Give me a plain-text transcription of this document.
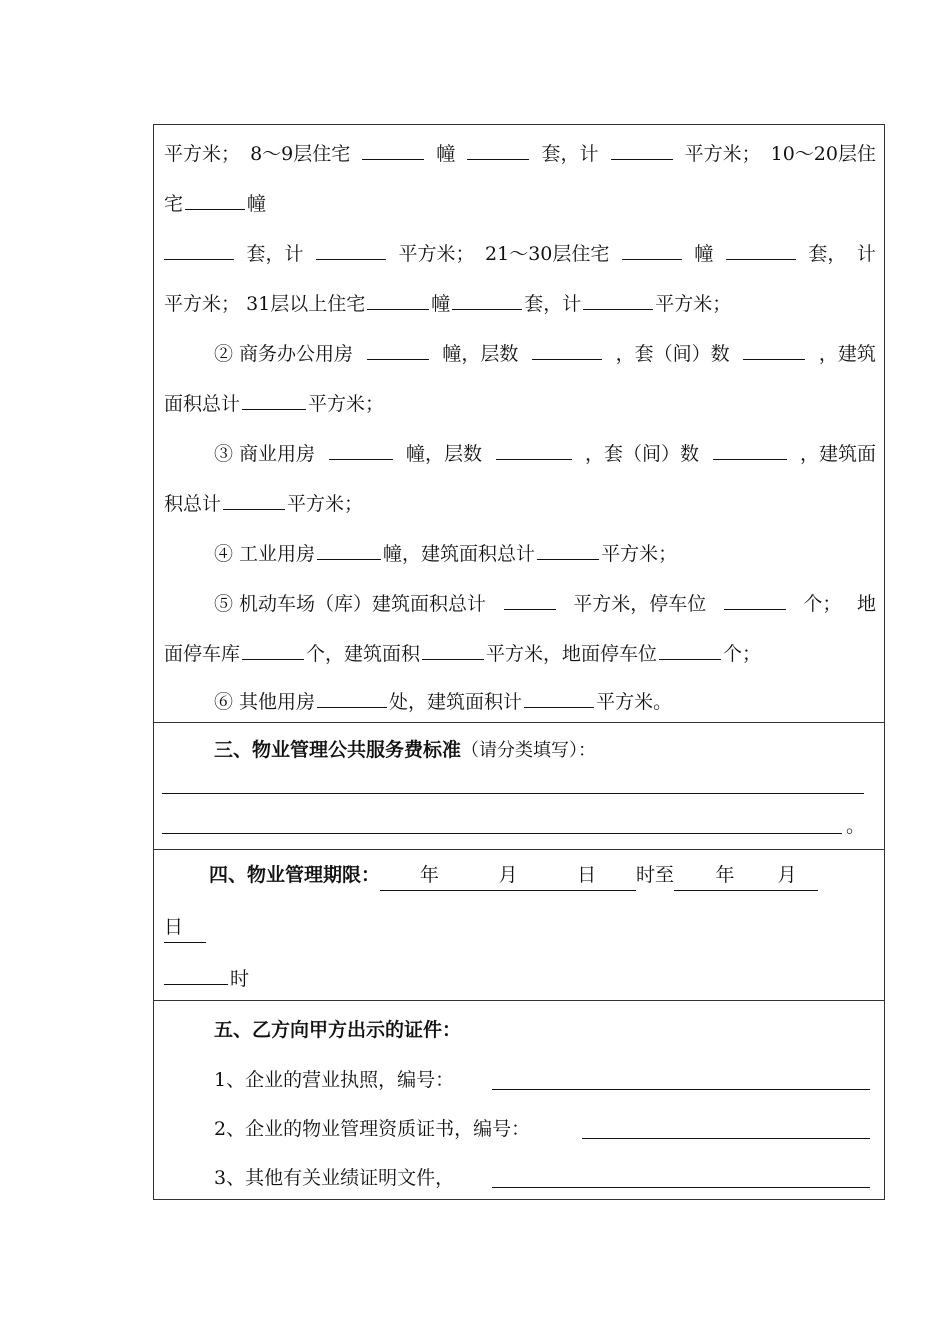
平方米； 8～9层住宅	幢	套，计	平方米； 10～20层住
宅	幢
套，计	平方米； 21～30层住宅	幢	套， 计
平方米； 31层以上住宅	幢	套，计	平方米；
② 商务办公用房	幢，层数	，套（间）数	，建筑
面积总计	平方米；
③ 商业用房	幢，层数	，套（间）数	，建筑面
积总计	平方米；
④ 工业用房	幢，建筑面积总计	平方米；
⑤ 机动车场（库）建筑面积总计	平方米，停车位	个； 地
面停车库	个，建筑面积	平方米，地面停车位	个；
⑥ 其他用房	处，建筑面积计	平方米。
三、物业管理公共服务费标准（请分类填写）：
。
四、物业管理期限： 年	月	日 时至 年 月
日
时
五、乙方向甲方出示的证件：
1、企业的营业执照，编号：
2、企业的物业管理资质证书，编号：
3、其他有关业绩证明文件，
